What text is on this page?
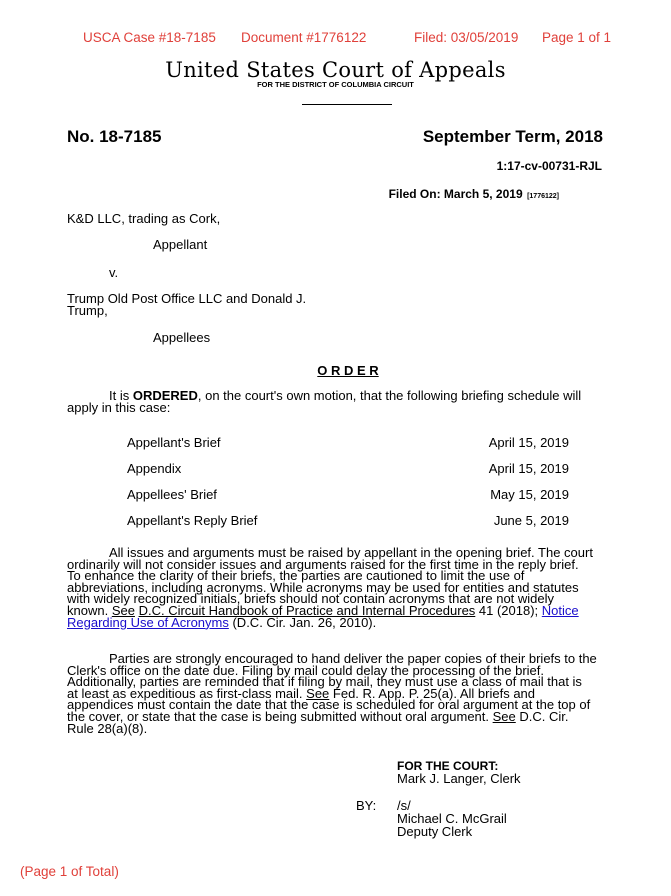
USCA Case #18-7185 Document #1776122	Filed: 03/05/2019 Page 1 of 1
United States Court of Appeals
FOR THE DISTRICT OF COLUMBIA CIRCUIT
No. 18-7185	September Term, 2018
1:17-cv-00731-RJL
Filed On: March 5, 2019 [1776122]
K&D LLC, trading as Cork,
Appellant
v.
Trump Old Post Office LLC and Donald J.
Trump,
Appellees
O R D E R

It is ORDERED, on the court's own motion, that the following briefing schedule will

apply in this case:

Appellant's Brief	April 15, 2019
Appendix	April 15, 2019
Appellees' Brief	May 15, 2019
Appellant's Reply Brief	June 5, 2019

All issues and arguments must be raised by appellant in the opening brief. The court

ordinarily will not consider issues and arguments raised for the first time in the reply brief.

To enhance the clarity of their briefs, the parties are cautioned to limit the use of

abbreviations, including acronyms. While acronyms may be used for entities and statutes

with widely recognized initials, briefs should not contain acronyms that are not widely

known. See D.C. Circuit Handbook of Practice and Internal Procedures 41 (2018); Notice

Regarding Use of Acronyms (D.C. Cir. Jan. 26, 2010).

Parties are strongly encouraged to hand deliver the paper copies of their briefs to the

Clerk's office on the date due. Filing by mail could delay the processing of the brief.

Additionally, parties are reminded that if filing by mail, they must use a class of mail that is

at least as expeditious as first-class mail. See Fed. R. App. P. 25(a). All briefs and

appendices must contain the date that the case is scheduled for oral argument at the top of

the cover, or state that the case is being submitted without oral argument. See D.C. Cir.

Rule 28(a)(8).

FOR THE COURT:
Mark J. Langer, Clerk
BY: /s/
Michael C. McGrail
Deputy Clerk
(Page 1 of Total)
